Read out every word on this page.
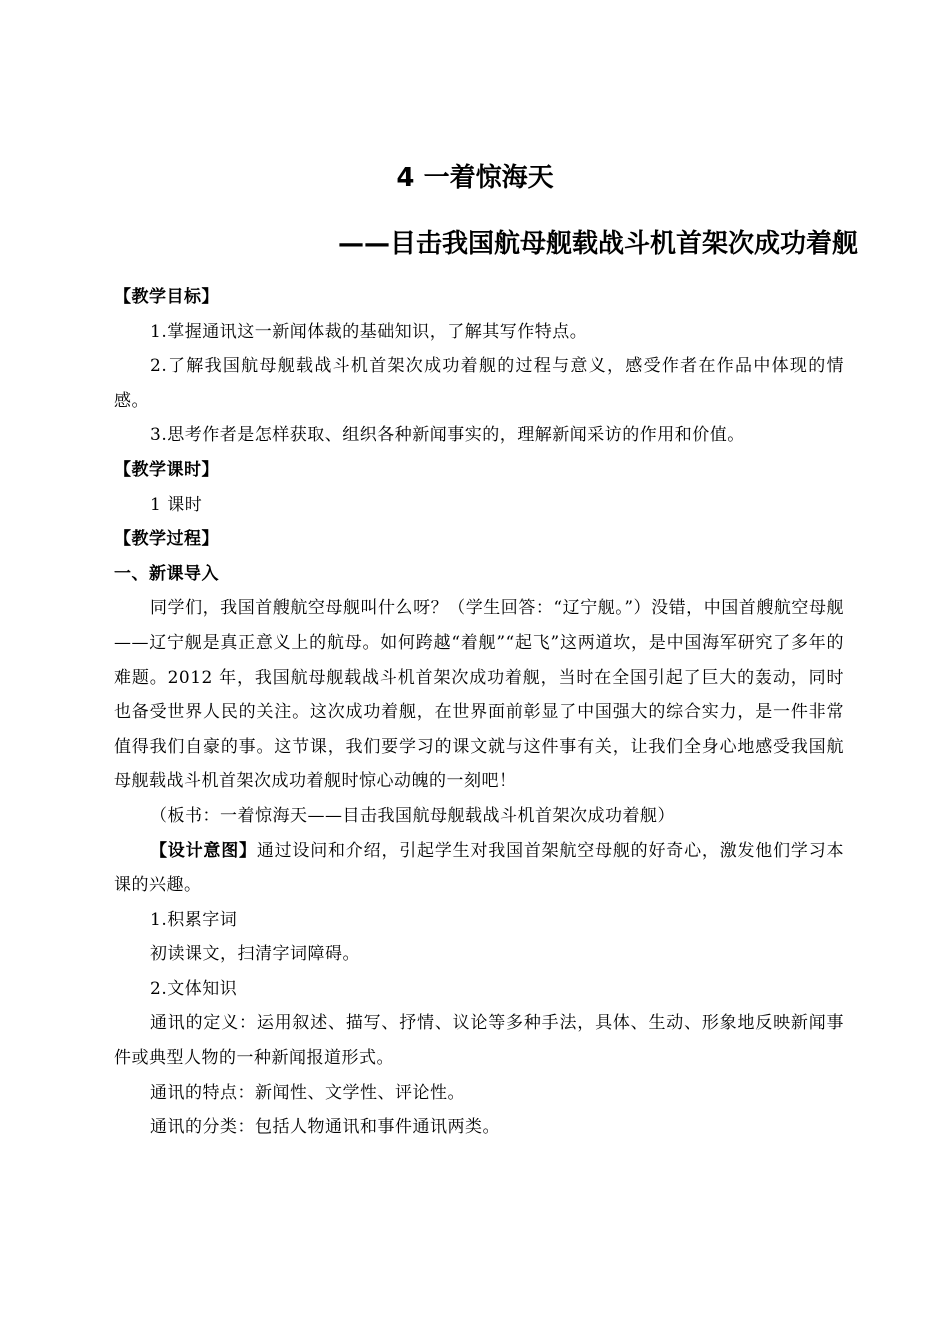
4 一着惊海天
——目击我国航母舰载战斗机首架次成功着舰

【教学目标】

1.掌握通讯这一新闻体裁的基础知识，了解其写作特点。

2.了解我国航母舰载战斗机首架次成功着舰的过程与意义，感受作者在作品中体现的情感。

3.思考作者是怎样获取、组织各种新闻事实的，理解新闻采访的作用和价值。

【教学课时】

1 课时

【教学过程】

一、新课导入

同学们，我国首艘航空母舰叫什么呀？（学生回答：“辽宁舰。”）没错，中国首艘航空母舰——辽宁舰是真正意义上的航母。如何跨越“着舰”“起飞”这两道坎，是中国海军研究了多年的难题。2012 年，我国航母舰载战斗机首架次成功着舰，当时在全国引起了巨大的轰动，同时也备受世界人民的关注。这次成功着舰，在世界面前彰显了中国强大的综合实力，是一件非常值得我们自豪的事。这节课，我们要学习的课文就与这件事有关，让我们全身心地感受我国航母舰载战斗机首架次成功着舰时惊心动魄的一刻吧！

（板书：一着惊海天——目击我国航母舰载战斗机首架次成功着舰）

【设计意图】通过设问和介绍，引起学生对我国首架航空母舰的好奇心，激发他们学习本课的兴趣。

1.积累字词

初读课文，扫清字词障碍。

2.文体知识

通讯的定义：运用叙述、描写、抒情、议论等多种手法，具体、生动、形象地反映新闻事件或典型人物的一种新闻报道形式。

通讯的特点：新闻性、文学性、评论性。

通讯的分类：包括人物通讯和事件通讯两类。
